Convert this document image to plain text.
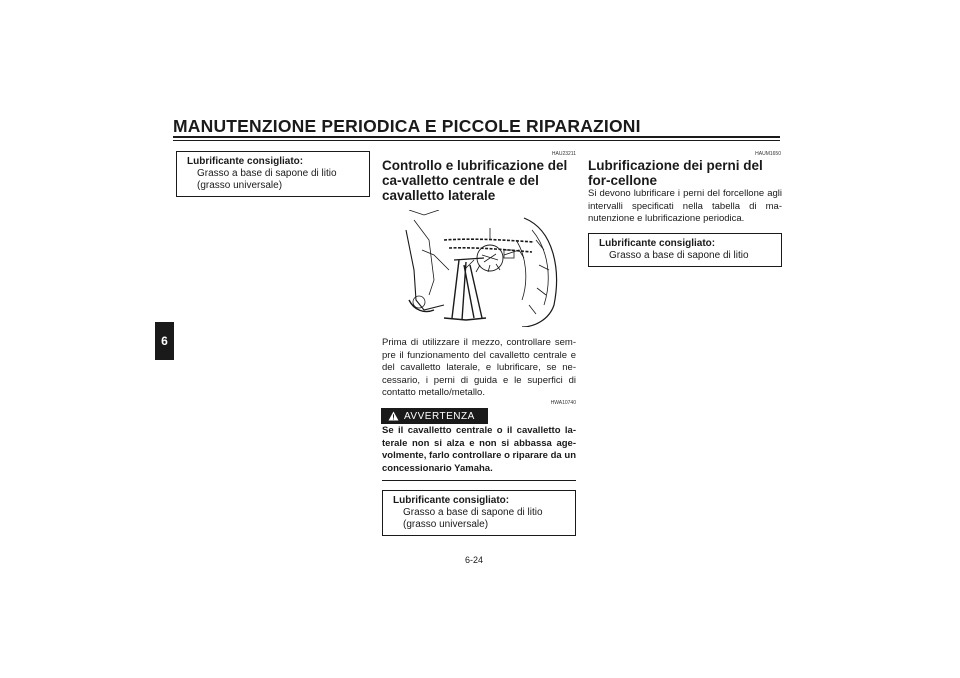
MANUTENZIONE PERIODICA E PICCOLE RIPARAZIONI
6
Lubrificante consigliato:
Grasso a base di sapone di litio
(grasso universale)
HAU23211
Controllo e lubrificazione del ca-valletto centrale e del cavalletto laterale
Prima di utilizzare il mezzo, controllare sem-pre il funzionamento del cavalletto centrale e del cavalletto laterale, e lubrificare, se ne-cessario, i perni di guida e le superfici di contatto metallo/metallo.
HWA10740
AVVERTENZA
Se il cavalletto centrale o il cavalletto la-terale non si alza e non si abbassa age-volmente, farlo controllare o riparare da un concessionario Yamaha.
Lubrificante consigliato:
Grasso a base di sapone di litio
(grasso universale)
HAUM1650
Lubrificazione dei perni del for-cellone
Si devono lubrificare i perni del forcellone agli intervalli specificati nella tabella di ma-nutenzione e lubrificazione periodica.
Lubrificante consigliato:
Grasso a base di sapone di litio
6-24
